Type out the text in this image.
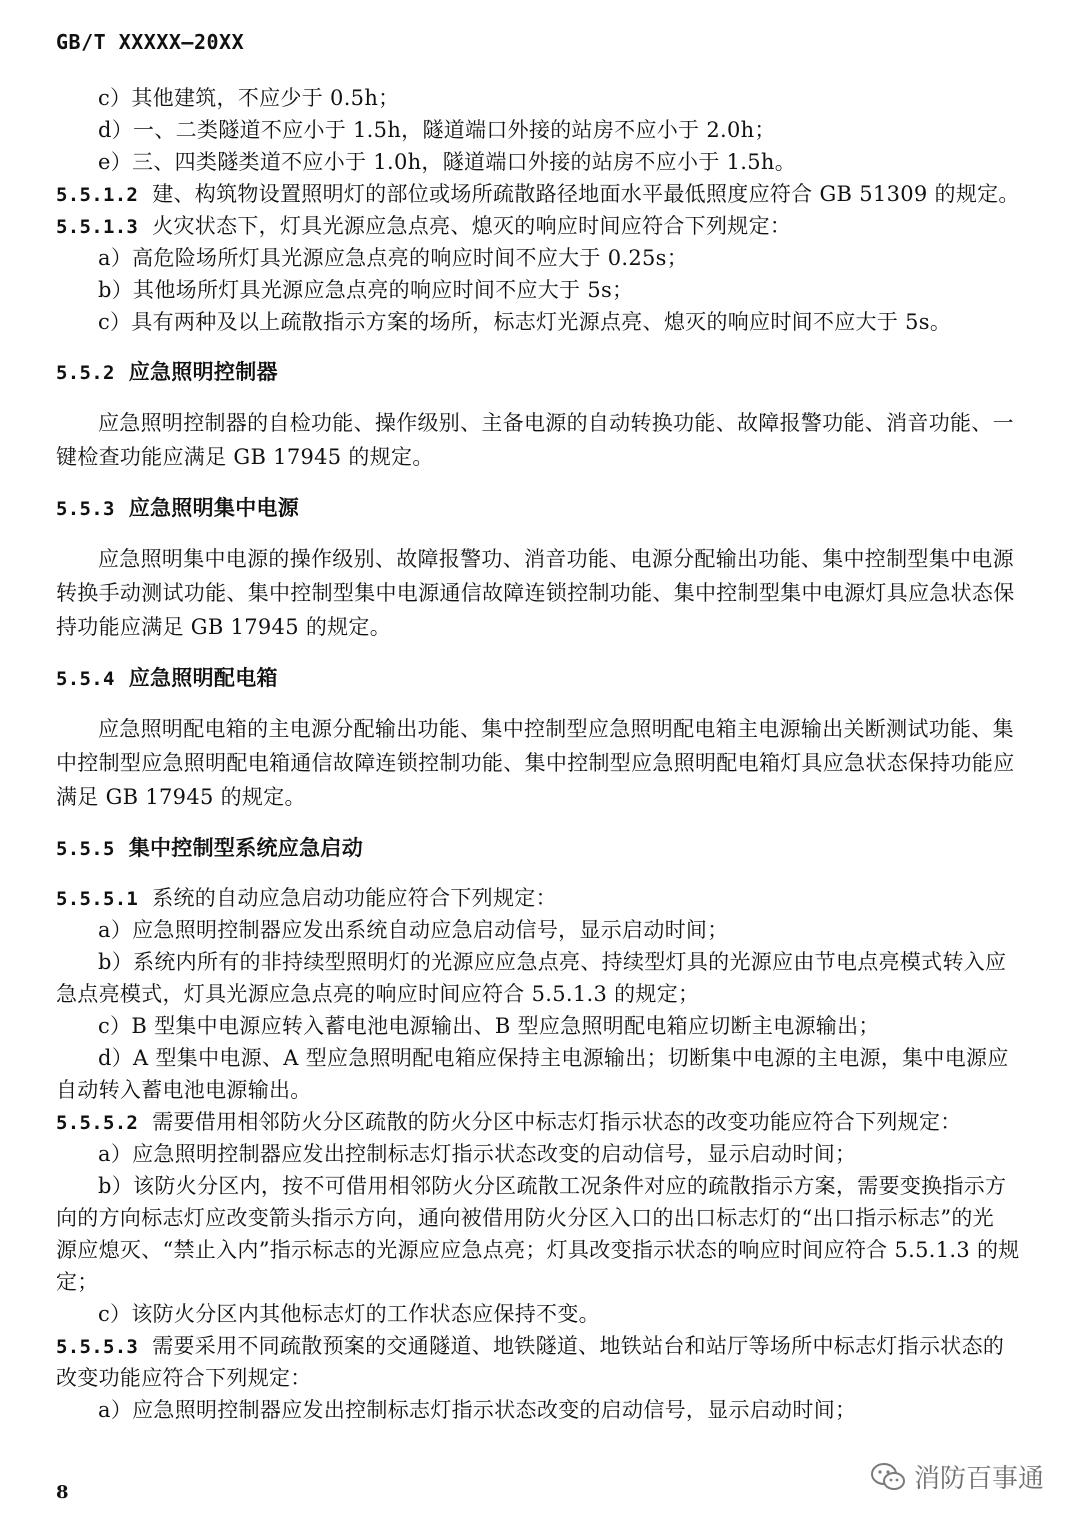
GB/T XXXXX—20XX
c）其他建筑，不应少于 0.5h；
d）一、二类隧道不应小于 1.5h，隧道端口外接的站房不应小于 2.0h；
e）三、四类隧类道不应小于 1.0h，隧道端口外接的站房不应小于 1.5h。
5.5.1.2 建、构筑物设置照明灯的部位或场所疏散路径地面水平最低照度应符合 GB 51309 的规定。
5.5.1.3 火灾状态下，灯具光源应急点亮、熄灭的响应时间应符合下列规定：
a）高危险场所灯具光源应急点亮的响应时间不应大于 0.25s；
b）其他场所灯具光源应急点亮的响应时间不应大于 5s；
c）具有两种及以上疏散指示方案的场所，标志灯光源点亮、熄灭的响应时间不应大于 5s。
5.5.2 应急照明控制器
应急照明控制器的自检功能、操作级别、主备电源的自动转换功能、故障报警功能、消音功能、一
键检查功能应满足 GB 17945 的规定。
5.5.3 应急照明集中电源
应急照明集中电源的操作级别、故障报警功、消音功能、电源分配输出功能、集中控制型集中电源
转换手动测试功能、集中控制型集中电源通信故障连锁控制功能、集中控制型集中电源灯具应急状态保
持功能应满足 GB 17945 的规定。
5.5.4 应急照明配电箱
应急照明配电箱的主电源分配输出功能、集中控制型应急照明配电箱主电源输出关断测试功能、集
中控制型应急照明配电箱通信故障连锁控制功能、集中控制型应急照明配电箱灯具应急状态保持功能应
满足 GB 17945 的规定。
5.5.5 集中控制型系统应急启动
5.5.5.1 系统的自动应急启动功能应符合下列规定：
a）应急照明控制器应发出系统自动应急启动信号，显示启动时间；
b）系统内所有的非持续型照明灯的光源应应急点亮、持续型灯具的光源应由节电点亮模式转入应
急点亮模式，灯具光源应急点亮的响应时间应符合 5.5.1.3 的规定；
c）B 型集中电源应转入蓄电池电源输出、B 型应急照明配电箱应切断主电源输出；
d）A 型集中电源、A 型应急照明配电箱应保持主电源输出；切断集中电源的主电源，集中电源应
自动转入蓄电池电源输出。
5.5.5.2 需要借用相邻防火分区疏散的防火分区中标志灯指示状态的改变功能应符合下列规定：
a）应急照明控制器应发出控制标志灯指示状态改变的启动信号，显示启动时间；
b）该防火分区内，按不可借用相邻防火分区疏散工况条件对应的疏散指示方案，需要变换指示方
向的方向标志灯应改变箭头指示方向，通向被借用防火分区入口的出口标志灯的“出口指示标志”的光
源应熄灭、“禁止入内”指示标志的光源应应急点亮；灯具改变指示状态的响应时间应符合 5.5.1.3 的规
定；
c）该防火分区内其他标志灯的工作状态应保持不变。
5.5.5.3 需要采用不同疏散预案的交通隧道、地铁隧道、地铁站台和站厅等场所中标志灯指示状态的
改变功能应符合下列规定：
a）应急照明控制器应发出控制标志灯指示状态改变的启动信号，显示启动时间；
8	消防百事通
